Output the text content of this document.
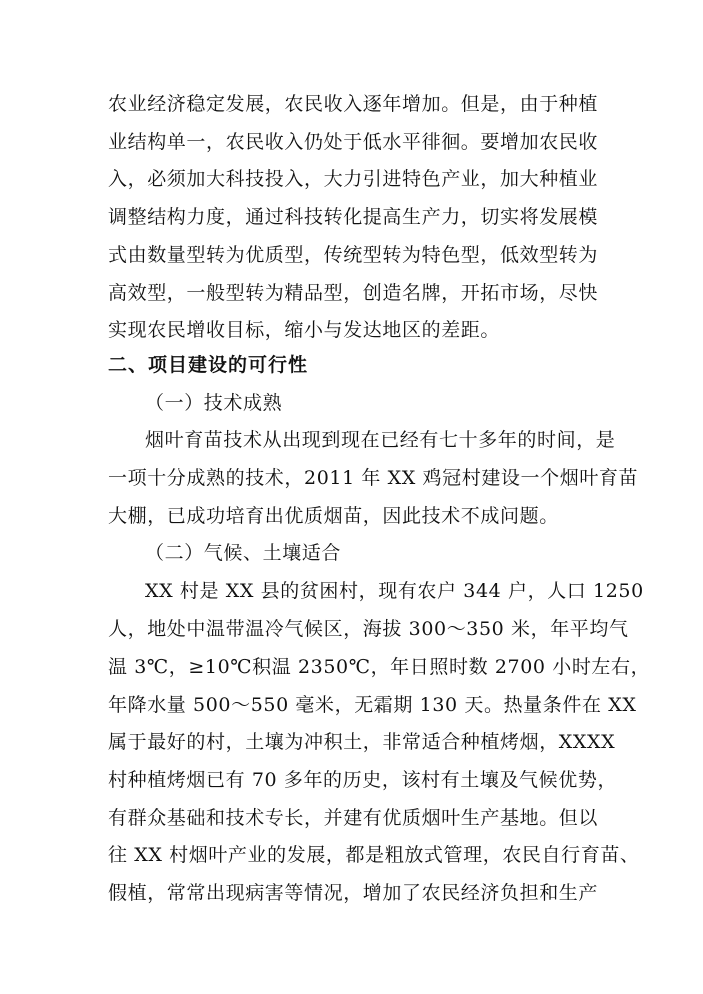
农业经济稳定发展，农民收入逐年增加。但是，由于种植
业结构单一，农民收入仍处于低水平徘徊。要增加农民收
入，必须加大科技投入，大力引进特色产业，加大种植业
调整结构力度，通过科技转化提高生产力，切实将发展模
式由数量型转为优质型，传统型转为特色型，低效型转为
高效型，一般型转为精品型，创造名牌，开拓市场，尽快
实现农民增收目标，缩小与发达地区的差距。
二、项目建设的可行性
（一）技术成熟
烟叶育苗技术从出现到现在已经有七十多年的时间，是
一项十分成熟的技术，2011 年 XX 鸡冠村建设一个烟叶育苗
大棚，已成功培育出优质烟苗，因此技术不成问题。
（二）气候、土壤适合
XX 村是 XX 县的贫困村，现有农户 344 户，人口 1250
人，地处中温带温冷气候区，海拔 300～350 米，年平均气
温 3℃，≥10℃积温 2350℃，年日照时数 2700 小时左右，
年降水量 500～550 毫米，无霜期 130 天。热量条件在 XX
属于最好的村，土壤为冲积土，非常适合种植烤烟，XXXX
村种植烤烟已有 70 多年的历史，该村有土壤及气候优势，
有群众基础和技术专长，并建有优质烟叶生产基地。但以
往 XX 村烟叶产业的发展，都是粗放式管理，农民自行育苗、
假植，常常出现病害等情况，增加了农民经济负担和生产
